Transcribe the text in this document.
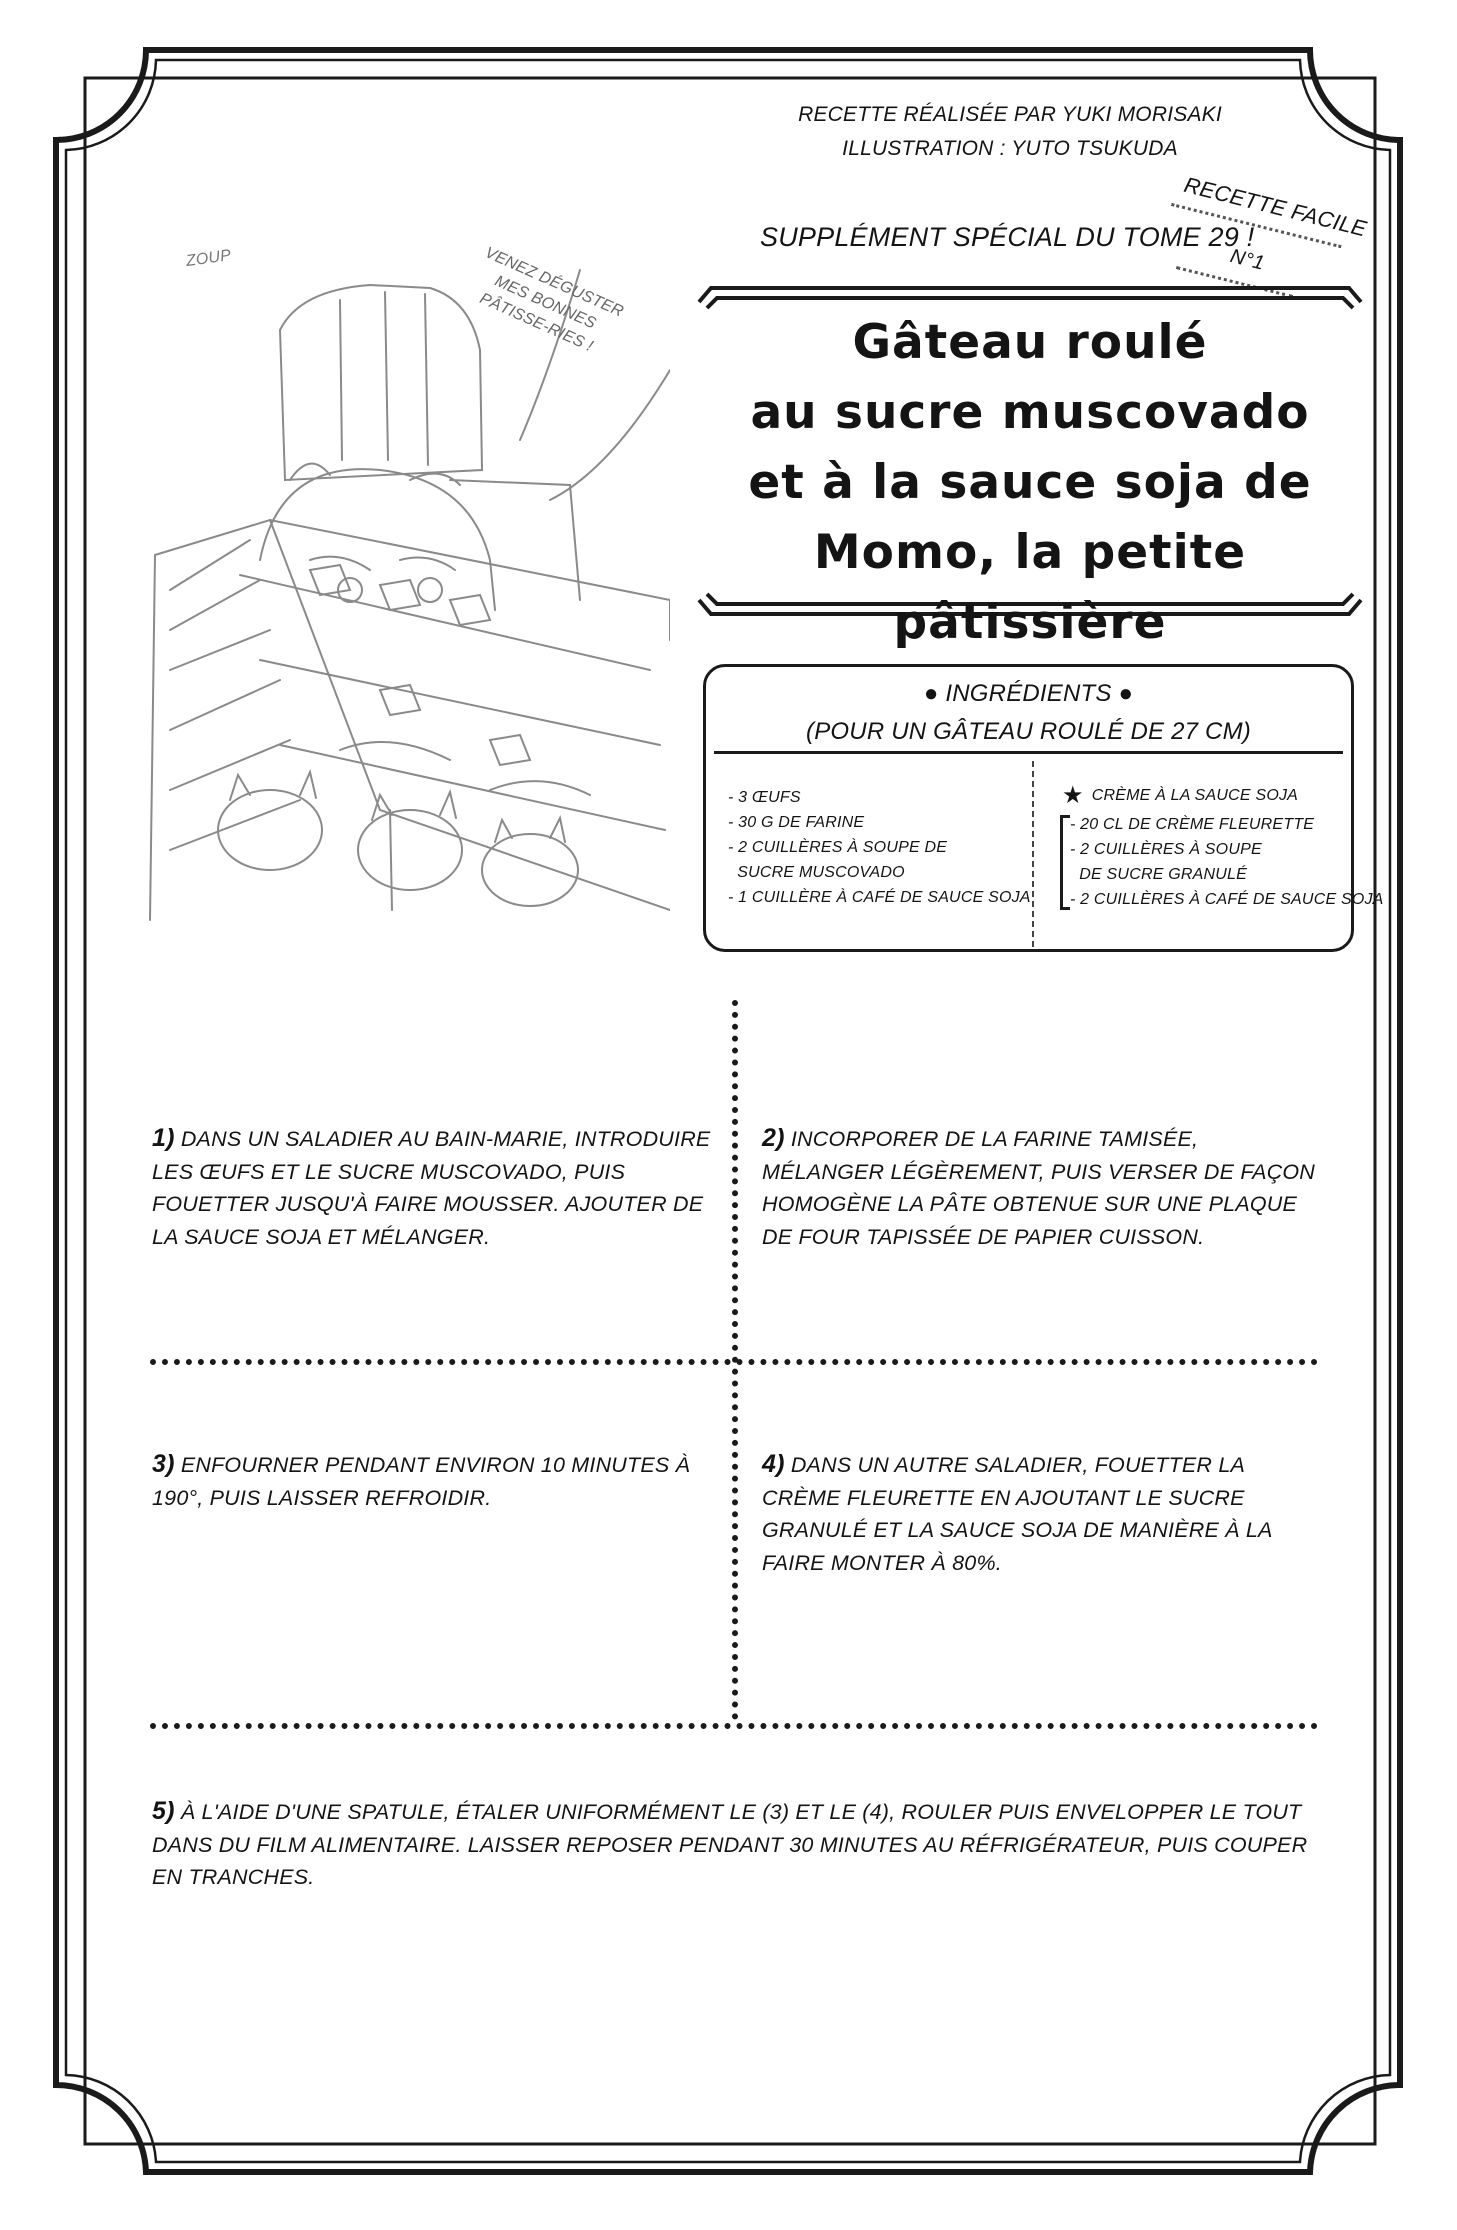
ZOUP	VENEZ DÉGUSTER MES BONNES PÂTISSE-RIES !
RECETTE RÉALISÉE PAR YUKI MORISAKI
ILLUSTRATION : YUTO TSUKUDA
SUPPLÉMENT SPÉCIAL DU TOME 29 !
RECETTE FACILE
N°1
Gâteau roulé
au sucre muscovado
et à la sauce soja de
Momo, la petite pâtissière
● INGRÉDIENTS ●
(POUR UN GÂTEAU ROULÉ DE 27 CM)
- 3 ŒUFS
- 30 G DE FARINE
- 2 CUILLÈRES À SOUPE DE
SUCRE MUSCOVADO
- 1 CUILLÈRE À CAFÉ DE SAUCE SOJA
★ CRÈME À LA SAUCE SOJA
- 20 CL DE CRÈME FLEURETTE
- 2 CUILLÈRES À SOUPE
DE SUCRE GRANULÉ
- 2 CUILLÈRES À CAFÉ DE SAUCE SOJA
1) DANS UN SALADIER AU BAIN-MARIE, INTRODUIRE LES ŒUFS ET LE SUCRE MUSCOVADO, PUIS FOUETTER JUSQU'À FAIRE MOUSSER. AJOUTER DE LA SAUCE SOJA ET MÉLANGER.
2) INCORPORER DE LA FARINE TAMISÉE, MÉLANGER LÉGÈREMENT, PUIS VERSER DE FAÇON HOMOGÈNE LA PÂTE OBTENUE SUR UNE PLAQUE DE FOUR TAPISSÉE DE PAPIER CUISSON.
3) ENFOURNER PENDANT ENVIRON 10 MINUTES À 190°, PUIS LAISSER REFROIDIR.
4) DANS UN AUTRE SALADIER, FOUETTER LA CRÈME FLEURETTE EN AJOUTANT LE SUCRE GRANULÉ ET LA SAUCE SOJA DE MANIÈRE À LA FAIRE MONTER À 80%.
5) À L'AIDE D'UNE SPATULE, ÉTALER UNIFORMÉMENT LE (3) ET LE (4), ROULER PUIS ENVELOPPER LE TOUT DANS DU FILM ALIMENTAIRE. LAISSER REPOSER PENDANT 30 MINUTES AU RÉFRIGÉRATEUR, PUIS COUPER EN TRANCHES.
